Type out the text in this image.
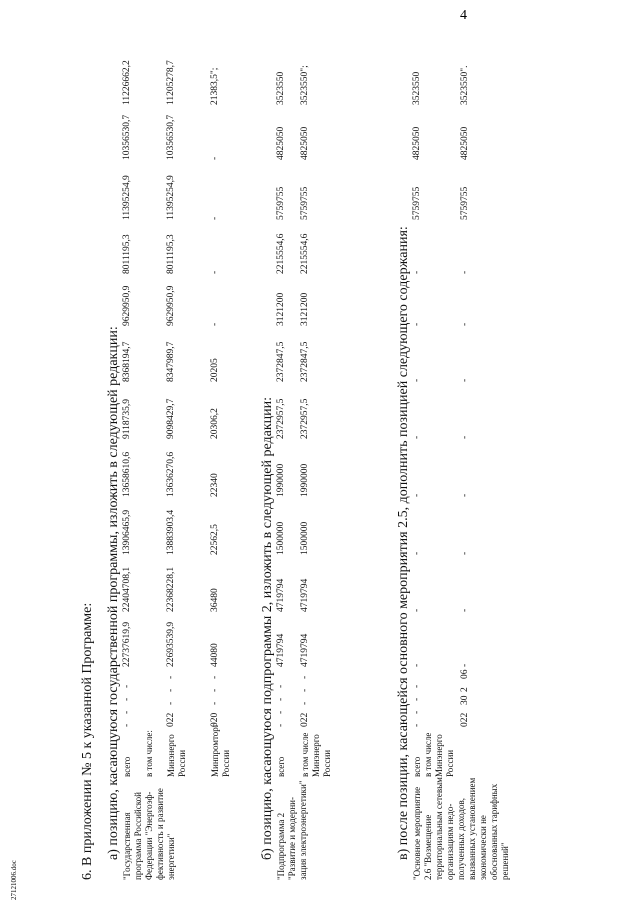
4
6. В приложении № 5 к указанной Программе: а) позицию, касающуюся государственной программы, изложить в следующей редакции: "Государственная программа Российской Федерации "Энергоэф- фективность и развитие энергетики"
всего
-
-
-
-
22737619,9
22404708,1
13906465,9
13658610,6
9118735,9
8368194,7
9629950,9
8011195,3
11395254,9
10356530,7
11226662,2
в том числе: Минэнерго России
022
-
-
-
22693539,9
22368228,1
13883903,4
13636270,6
9098429,7
8347989,7
9629950,9
8011195,3
11395254,9
10356530,7
11205278,7
Минпромторг России
020
-
-
-
44080
36480
22562,5
22340
20306,2
20205
-
-
-
-
21383,5";
б) позицию, касающуюся подпрограммы 2, изложить в следующей редакции: "Подпрограмма 2 "Развитие и модерни- зация электроэнергетики"
всего
-
-
-
-
4719794
4719794
1500000
1990000
2372957,5
2372847,5
3121200
2215554,6
5759755
4825050
3523550
в том числе Минэнерго России
022
-
-
-
4719794
4719794
1500000
1990000
2372957,5
2372847,5
3121200
2215554,6
5759755
4825050
3523550";
в) после позиции, касающейся основного мероприятия 2.5, дополнить позицией следующего содержания: "Основное мероприятие 2.6 "Возмещение территориальным сетевым организациям недо- полученных доходов, вызванных установлением экономически не обоснованных тарифных решений"
всего в том числе Минэнерго России
-
-
-
-
-
-
-
-
-
-
-
-
5759755
4825050
3523550
022
30
2
06
-
-
-
-
-
-
-
-
5759755
4825050
3523550".
27121006.doc
